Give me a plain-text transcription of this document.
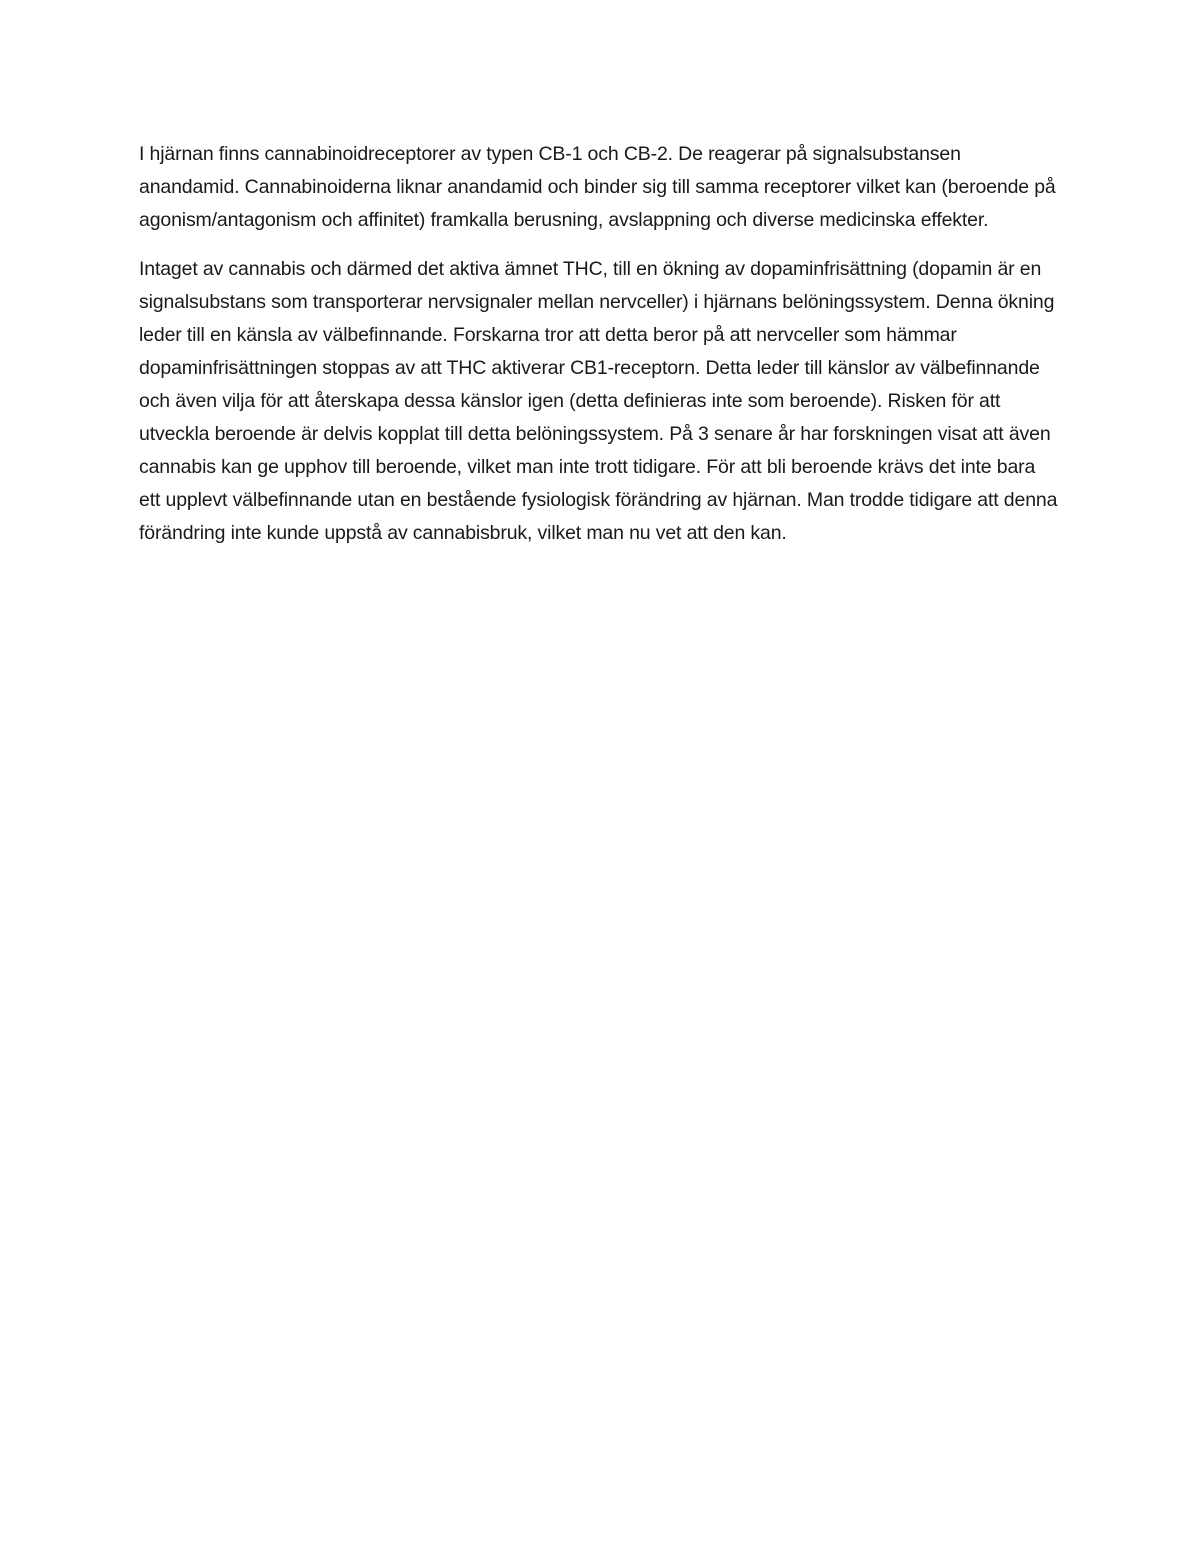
I hjärnan finns cannabinoidreceptorer av typen CB-1 och CB-2. De reagerar på signalsubstansen anandamid. Cannabinoiderna liknar anandamid och binder sig till samma receptorer vilket kan (beroende på agonism/antagonism och affinitet) framkalla berusning, avslappning och diverse medicinska effekter.

Intaget av cannabis och därmed det aktiva ämnet THC, till en ökning av dopaminfrisättning (dopamin är en signalsubstans som transporterar nervsignaler mellan nervceller) i hjärnans belöningssystem. Denna ökning leder till en känsla av välbefinnande. Forskarna tror att detta beror på att nervceller som hämmar dopaminfrisättningen stoppas av att THC aktiverar CB1-receptorn. Detta leder till känslor av välbefinnande och även vilja för att återskapa dessa känslor igen (detta definieras inte som beroende). Risken för att utveckla beroende är delvis kopplat till detta belöningssystem. På 3 senare år har forskningen visat att även cannabis kan ge upphov till beroende, vilket man inte trott tidigare. För att bli beroende krävs det inte bara ett upplevt välbefinnande utan en bestående fysiologisk förändring av hjärnan. Man trodde tidigare att denna förändring inte kunde uppstå av cannabisbruk, vilket man nu vet att den kan.
